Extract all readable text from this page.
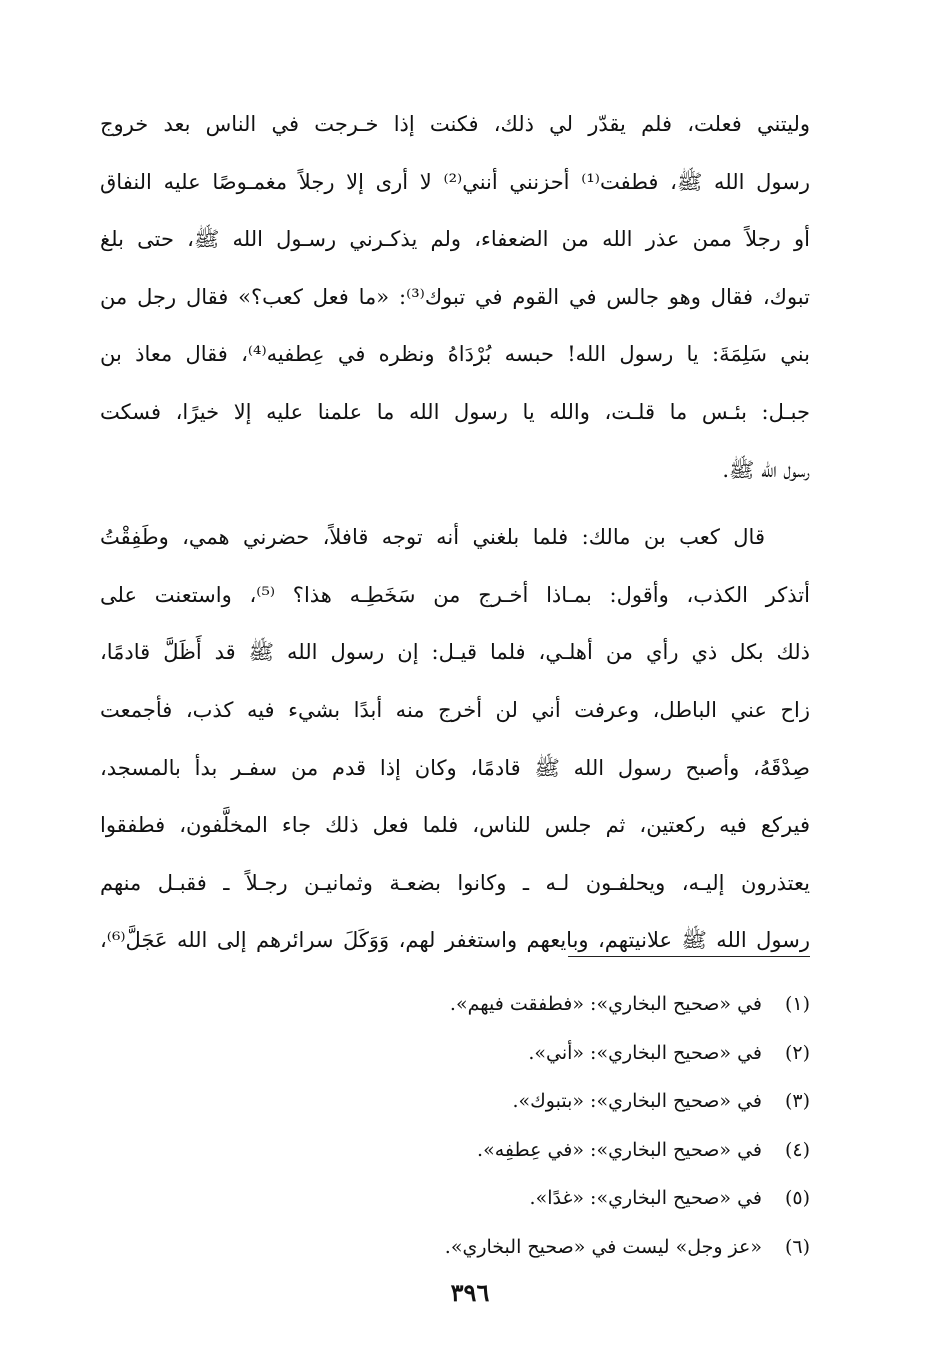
وليتني فعلت، فلم يقدّر لي ذلك، فكنت إذا خـرجت في الناس بعد خروج
رسول الله ﷺ، فطفت⁽¹⁾ أحزنني أنني⁽²⁾ لا أرى إلا رجلاً مغمـوصًا عليه النفاق
أو رجلاً ممن عذر الله من الضعفاء، ولم يذكـرني رسـول الله ﷺ، حتى بلغ
تبوك، فقال وهو جالس في القوم في تبوك⁽³⁾: «ما فعل كعب؟» فقال رجل من
بني سَلِمَةَ: يا رسول الله! حبسه بُرْدَاهُ ونظره في عِطفيه⁽⁴⁾، فقال معاذ بن
جبـل: بئـس ما قلـت، والله يا رسول الله ما علمنا عليه إلا خيرًا، فسكت
رسول الله ﷺ.
قال كعب بن مالك: فلما بلغني أنه توجه قافلاً، حضرني همي، وطَفِقْتُ
أتذكر الكذب، وأقول: بمـاذا أخـرج من سَخَطِـه هذا؟ ⁽⁵⁾، واستعنت على
ذلك بكل ذي رأي من أهلـي، فلما قيـل: إن رسول الله ﷺ قد أَظَلَّ قادمًا،
زاح عني الباطل، وعرفت أني لن أخرج منه أبدًا بشيء فيه كذب، فأجمعت
صِدْقَهُ، وأصبح رسول الله ﷺ قادمًا، وكان إذا قدم من سفـر بدأ بالمسجد،
فيركع فيه ركعتين، ثم جلس للناس، فلما فعل ذلك جاء المخلَّفون، فطفقوا
يعتذرون إليـه، ويحلفـون لـه ـ وكانوا بضعـة وثمانيـن رجـلاً ـ فقبـل منهم
رسول الله ﷺ علانيتهم، وبايعهم واستغفر لهم، وَوَكَلَ سرائرهم إلى الله عَجَلَّ⁽⁶⁾،
(١)في «صحيح البخاري»: «فطفقت فيهم».
(٢)في «صحيح البخاري»: «أني».
(٣)في «صحيح البخاري»: «بتبوك».
(٤)في «صحيح البخاري»: «في عِطفِه».
(٥)في «صحيح البخاري»: «غدًا».
(٦)«عز وجل» ليست في «صحيح البخاري».
٣٩٦
